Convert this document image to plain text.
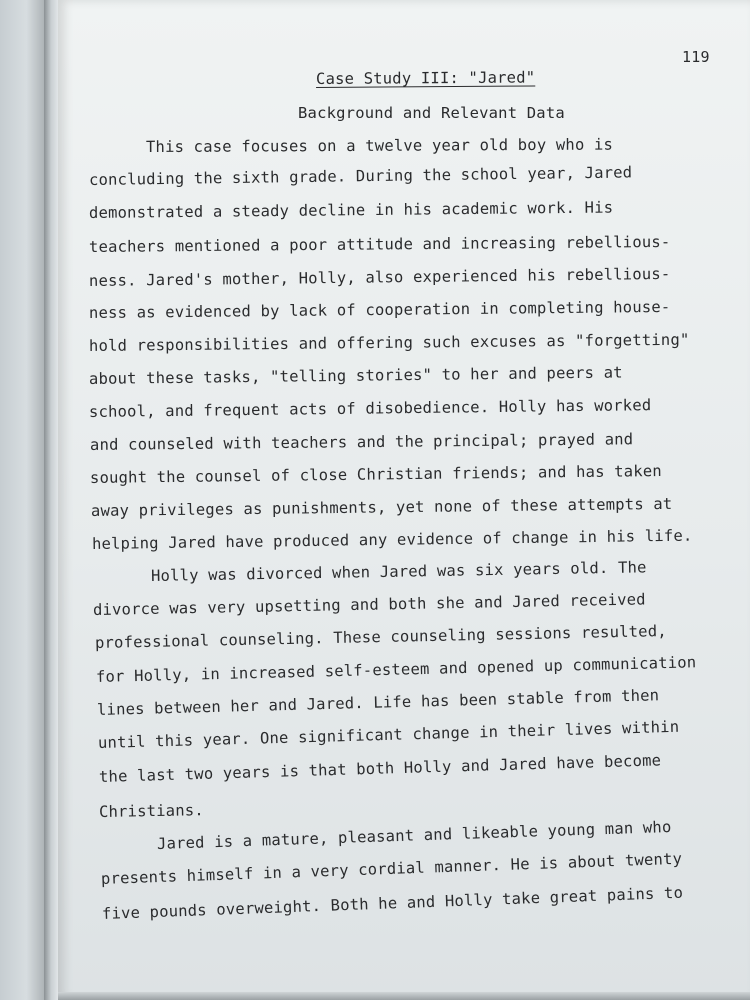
119
Case Study III: "Jared"
Background and Relevant Data
This case focuses on a twelve year old boy who is
concluding the sixth grade. During the school year, Jared
demonstrated a steady decline in his academic work. His
teachers mentioned a poor attitude and increasing rebellious-
ness. Jared's mother, Holly, also experienced his rebellious-
ness as evidenced by lack of cooperation in completing house-
hold responsibilities and offering such excuses as "forgetting"
about these tasks, "telling stories" to her and peers at
school, and frequent acts of disobedience. Holly has worked
and counseled with teachers and the principal; prayed and
sought the counsel of close Christian friends; and has taken
away privileges as punishments, yet none of these attempts at
helping Jared have produced any evidence of change in his life.
Holly was divorced when Jared was six years old. The
divorce was very upsetting and both she and Jared received
professional counseling. These counseling sessions resulted,
for Holly, in increased self-esteem and opened up communication
lines between her and Jared. Life has been stable from then
until this year. One significant change in their lives within
the last two years is that both Holly and Jared have become
Christians.
Jared is a mature, pleasant and likeable young man who
presents himself in a very cordial manner. He is about twenty
five pounds overweight. Both he and Holly take great pains to
